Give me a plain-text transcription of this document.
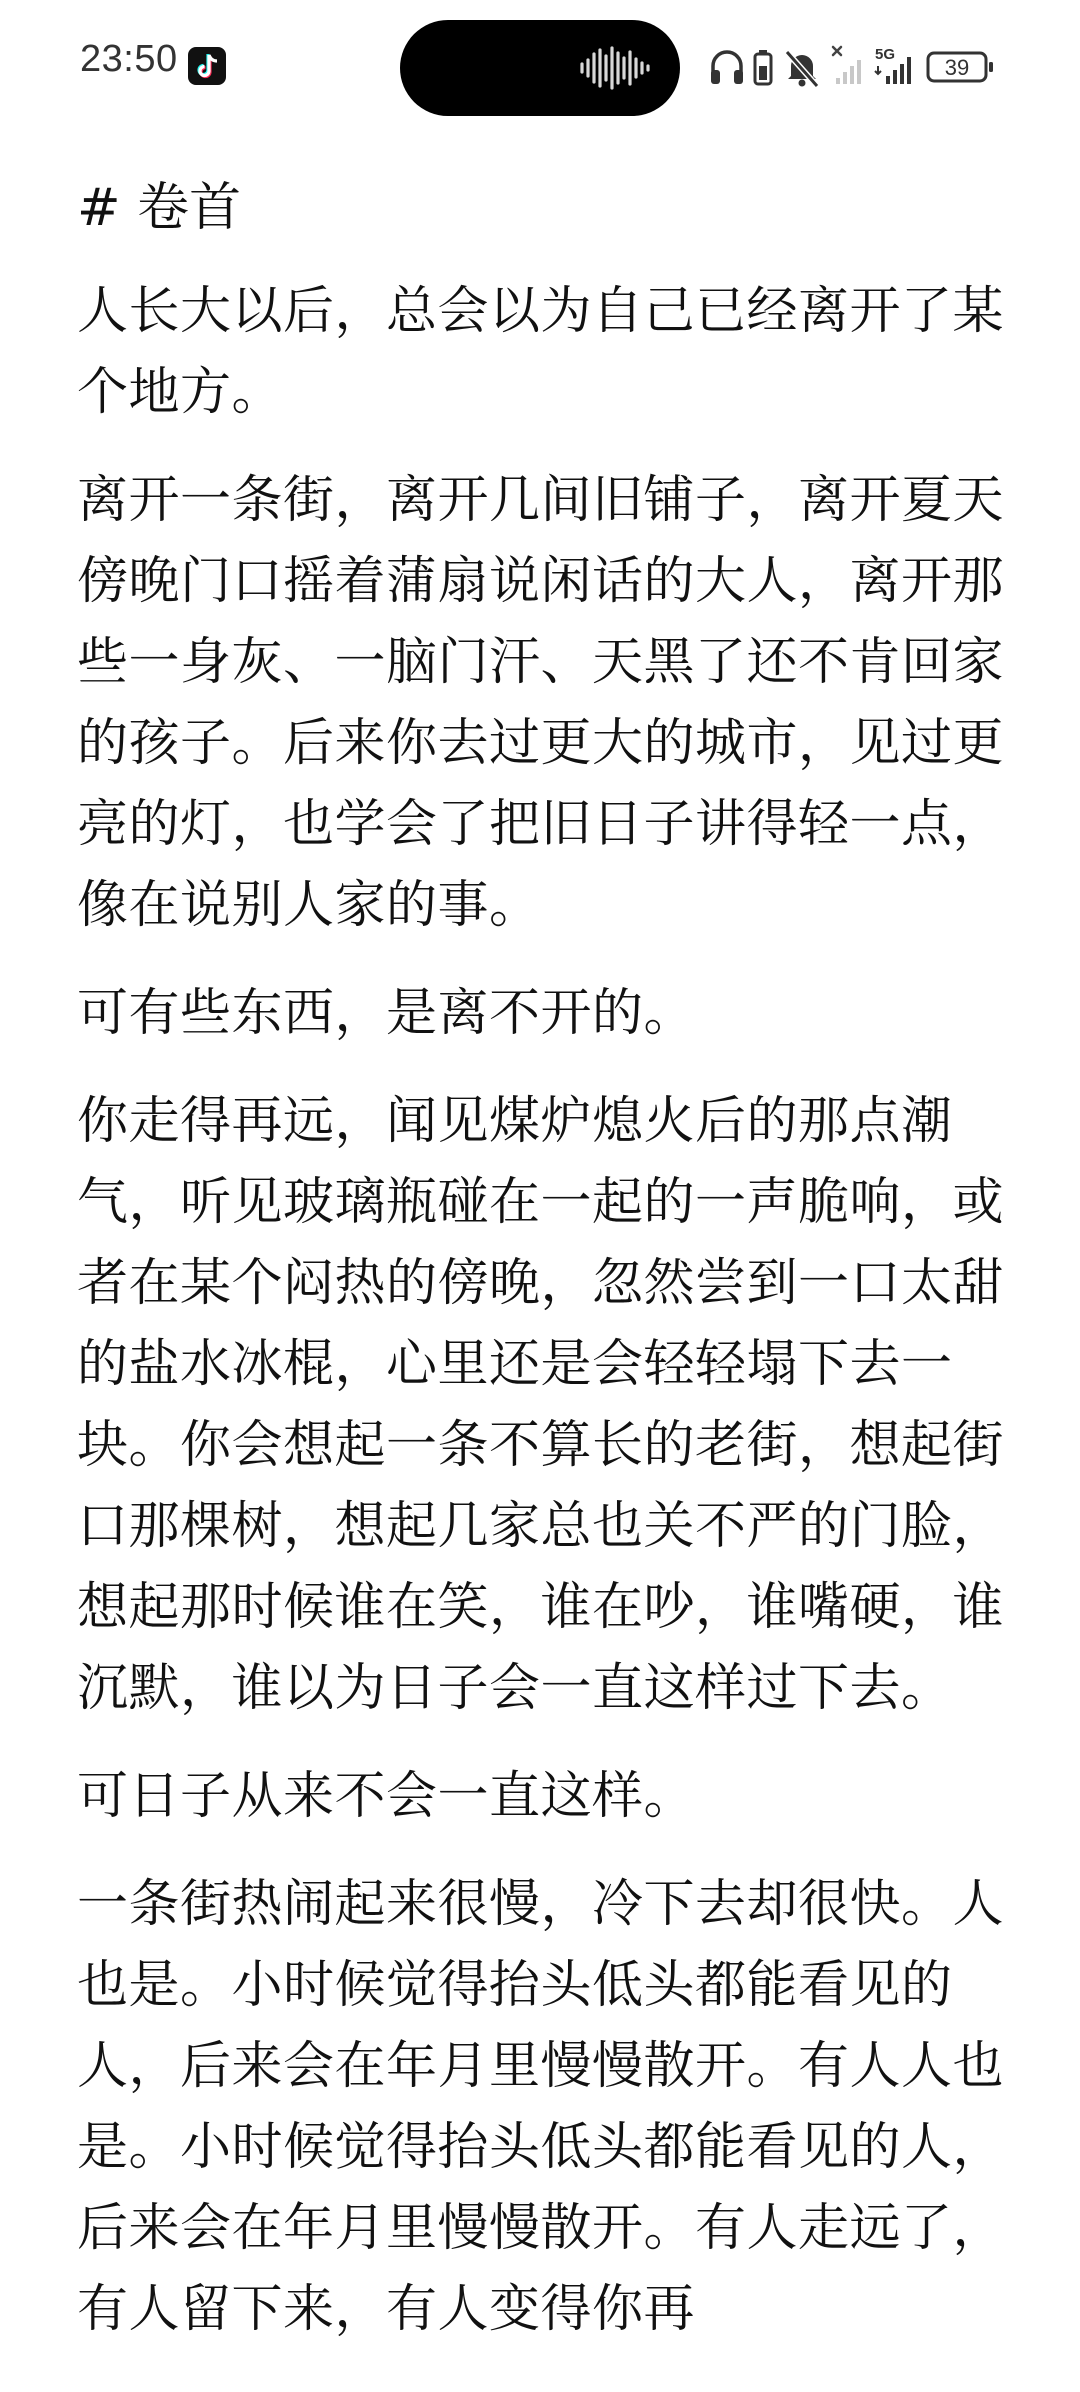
23:50	5G
39
# 卷首

人长大以后，总会以为自己已经离开了某个地方。

离开一条街，离开几间旧铺子，离开夏天傍晚门口摇着蒲扇说闲话的大人，离开那些一身灰、一脑门汗、天黑了还不肯回家的孩子。后来你去过更大的城市，见过更亮的灯，也学会了把旧日子讲得轻一点，像在说别人家的事。

可有些东西，是离不开的。

你走得再远，闻见煤炉熄火后的那点潮气，听见玻璃瓶碰在一起的一声脆响，或者在某个闷热的傍晚，忽然尝到一口太甜的盐水冰棍，心里还是会轻轻塌下去一块。你会想起一条不算长的老街，想起街口那棵树，想起几家总也关不严的门脸，想起那时候谁在笑，谁在吵，谁嘴硬，谁沉默，谁以为日子会一直这样过下去。

可日子从来不会一直这样。

一条街热闹起来很慢，冷下去却很快。人也是。小时候觉得抬头低头都能看见的人，后来会在年月里慢慢散开。有人人也是。小时候觉得抬头低头都能看见的人，后来会在年月里慢慢散开。有人走远了，有人留下来，有人变得你再
